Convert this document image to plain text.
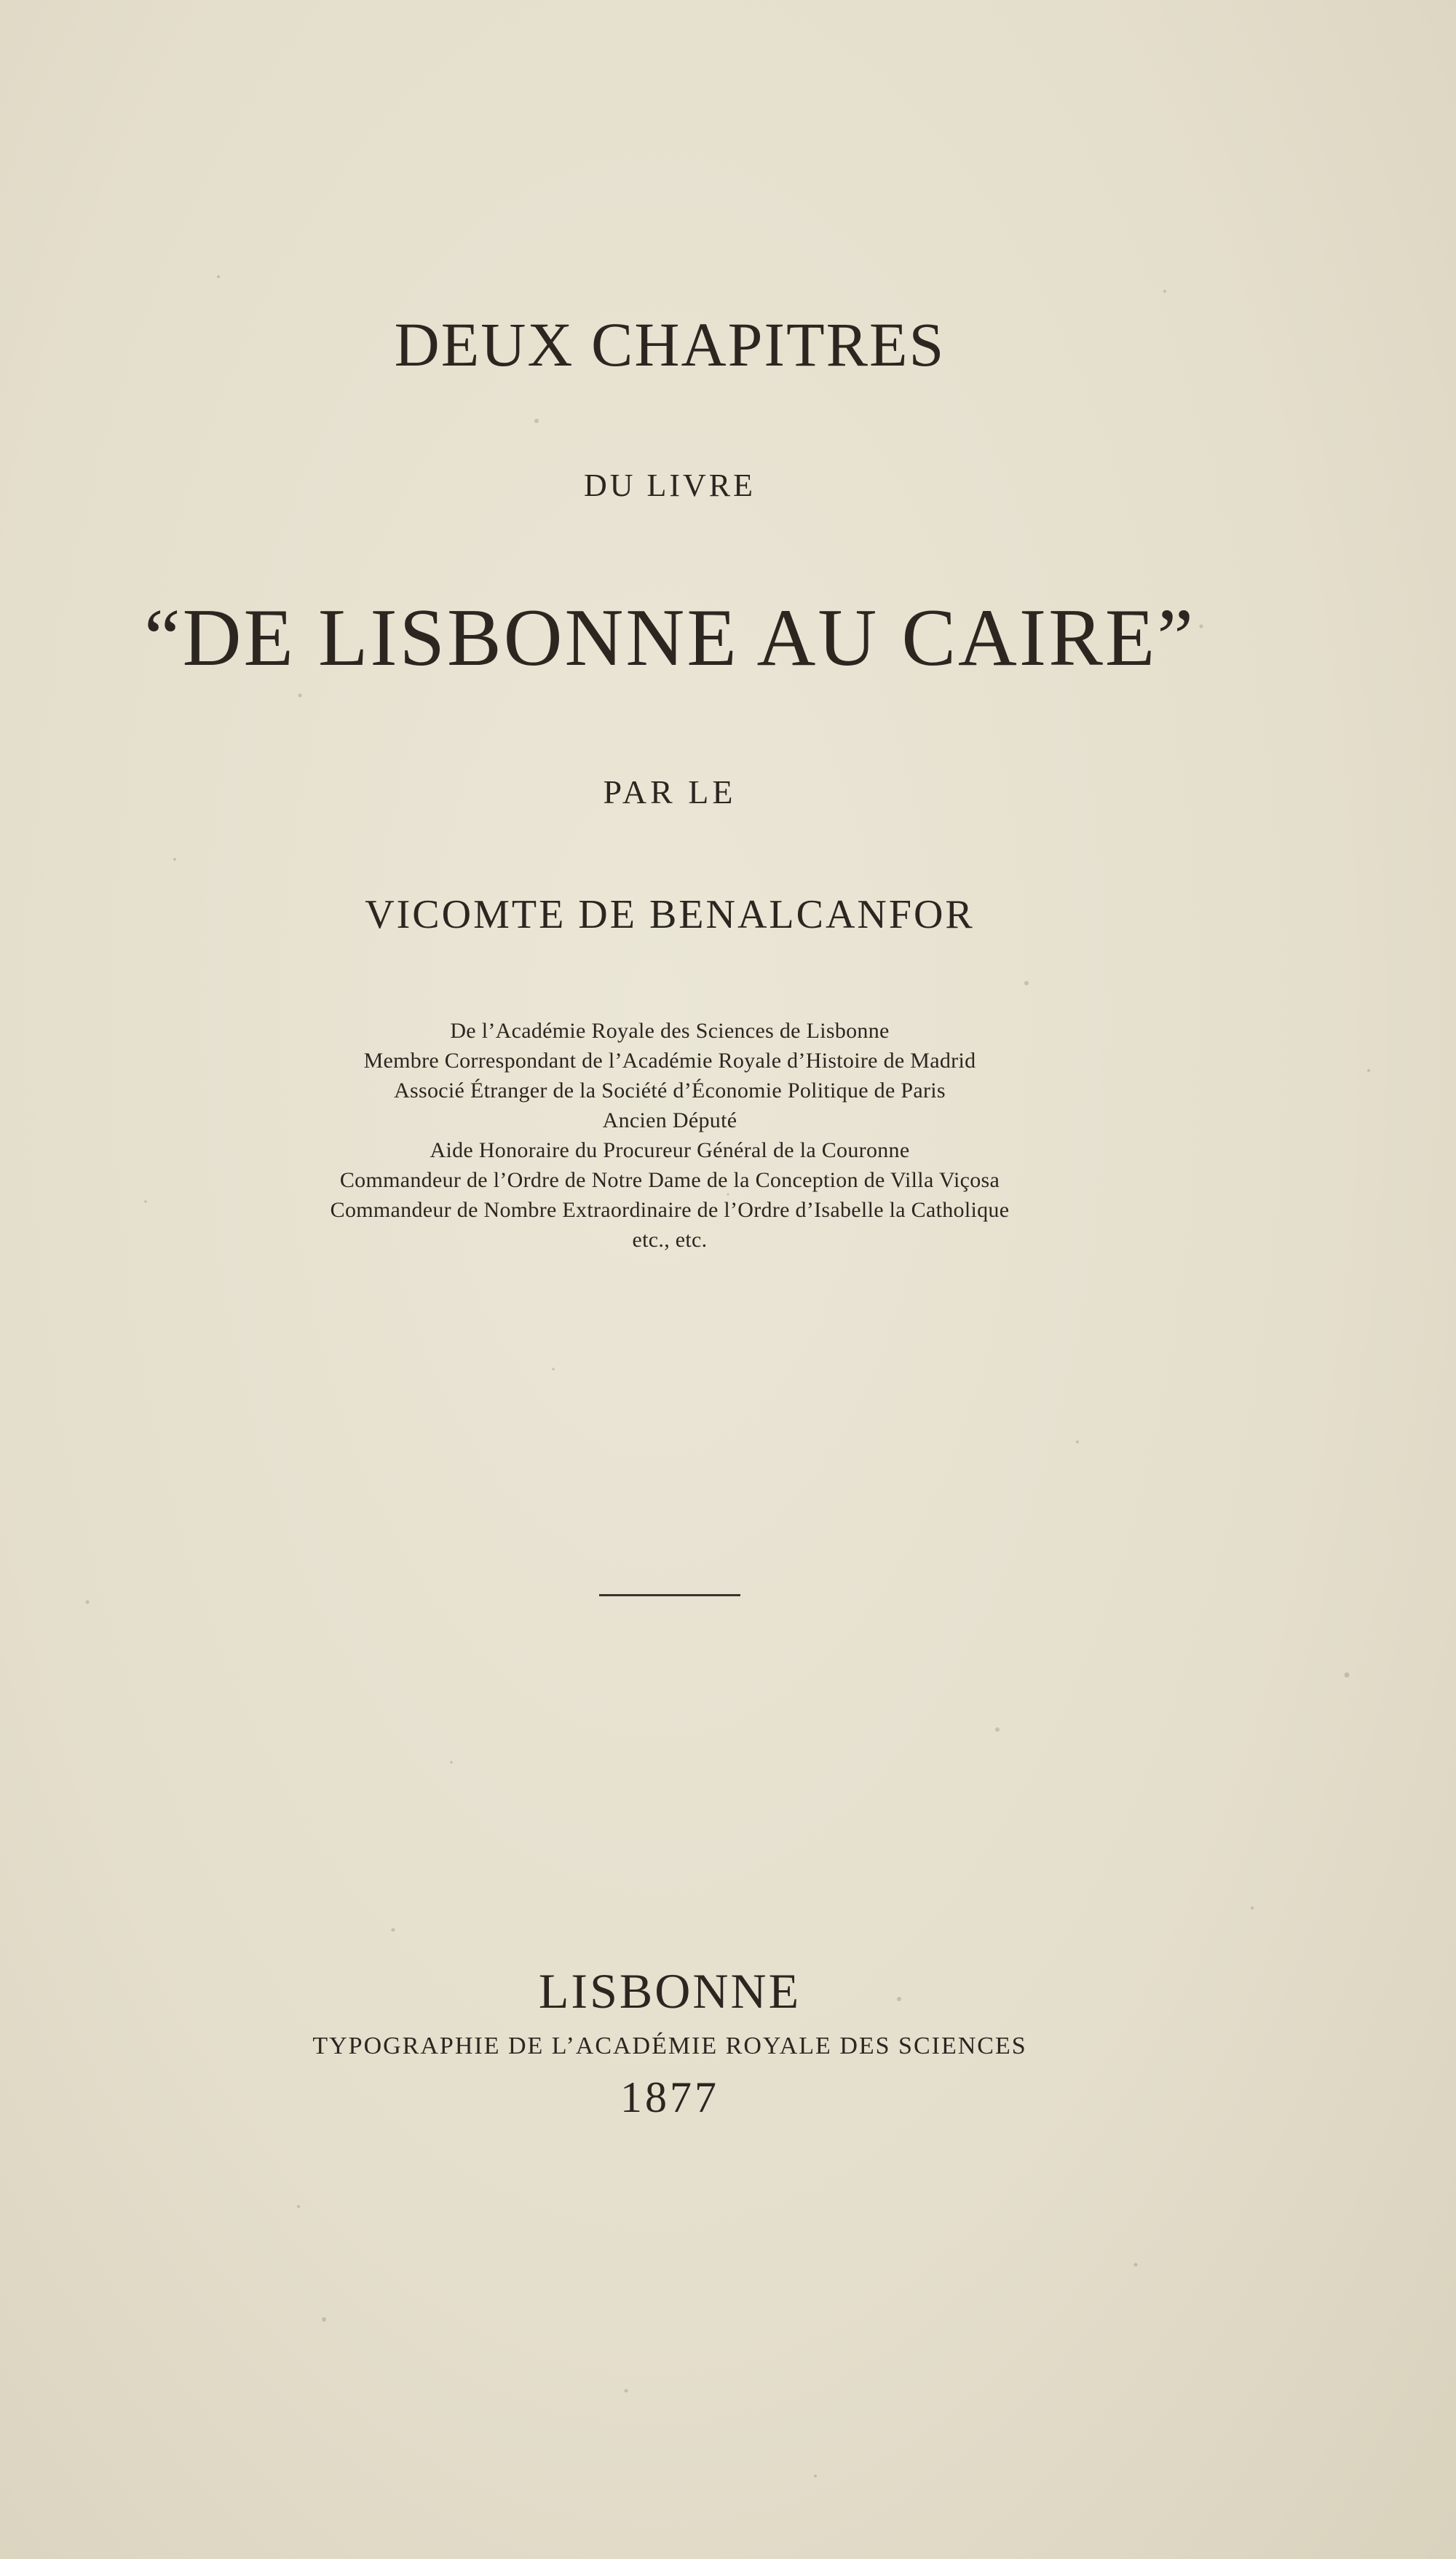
DEUX CHAPITRES
DU LIVRE
“DE LISBONNE AU CAIRE”
PAR LE
VICOMTE DE BENALCANFOR
De l’Académie Royale des Sciences de Lisbonne
Membre Correspondant de l’Académie Royale d’Histoire de Madrid
Associé Étranger de la Société d’Économie Politique de Paris
Ancien Député
Aide Honoraire du Procureur Général de la Couronne
Commandeur de l’Ordre de Notre Dame de la Conception de Villa Viçosa
Commandeur de Nombre Extraordinaire de l’Ordre d’Isabelle la Catholique
etc., etc.
LISBONNE
TYPOGRAPHIE DE L’ACADÉMIE ROYALE DES SCIENCES
1877
